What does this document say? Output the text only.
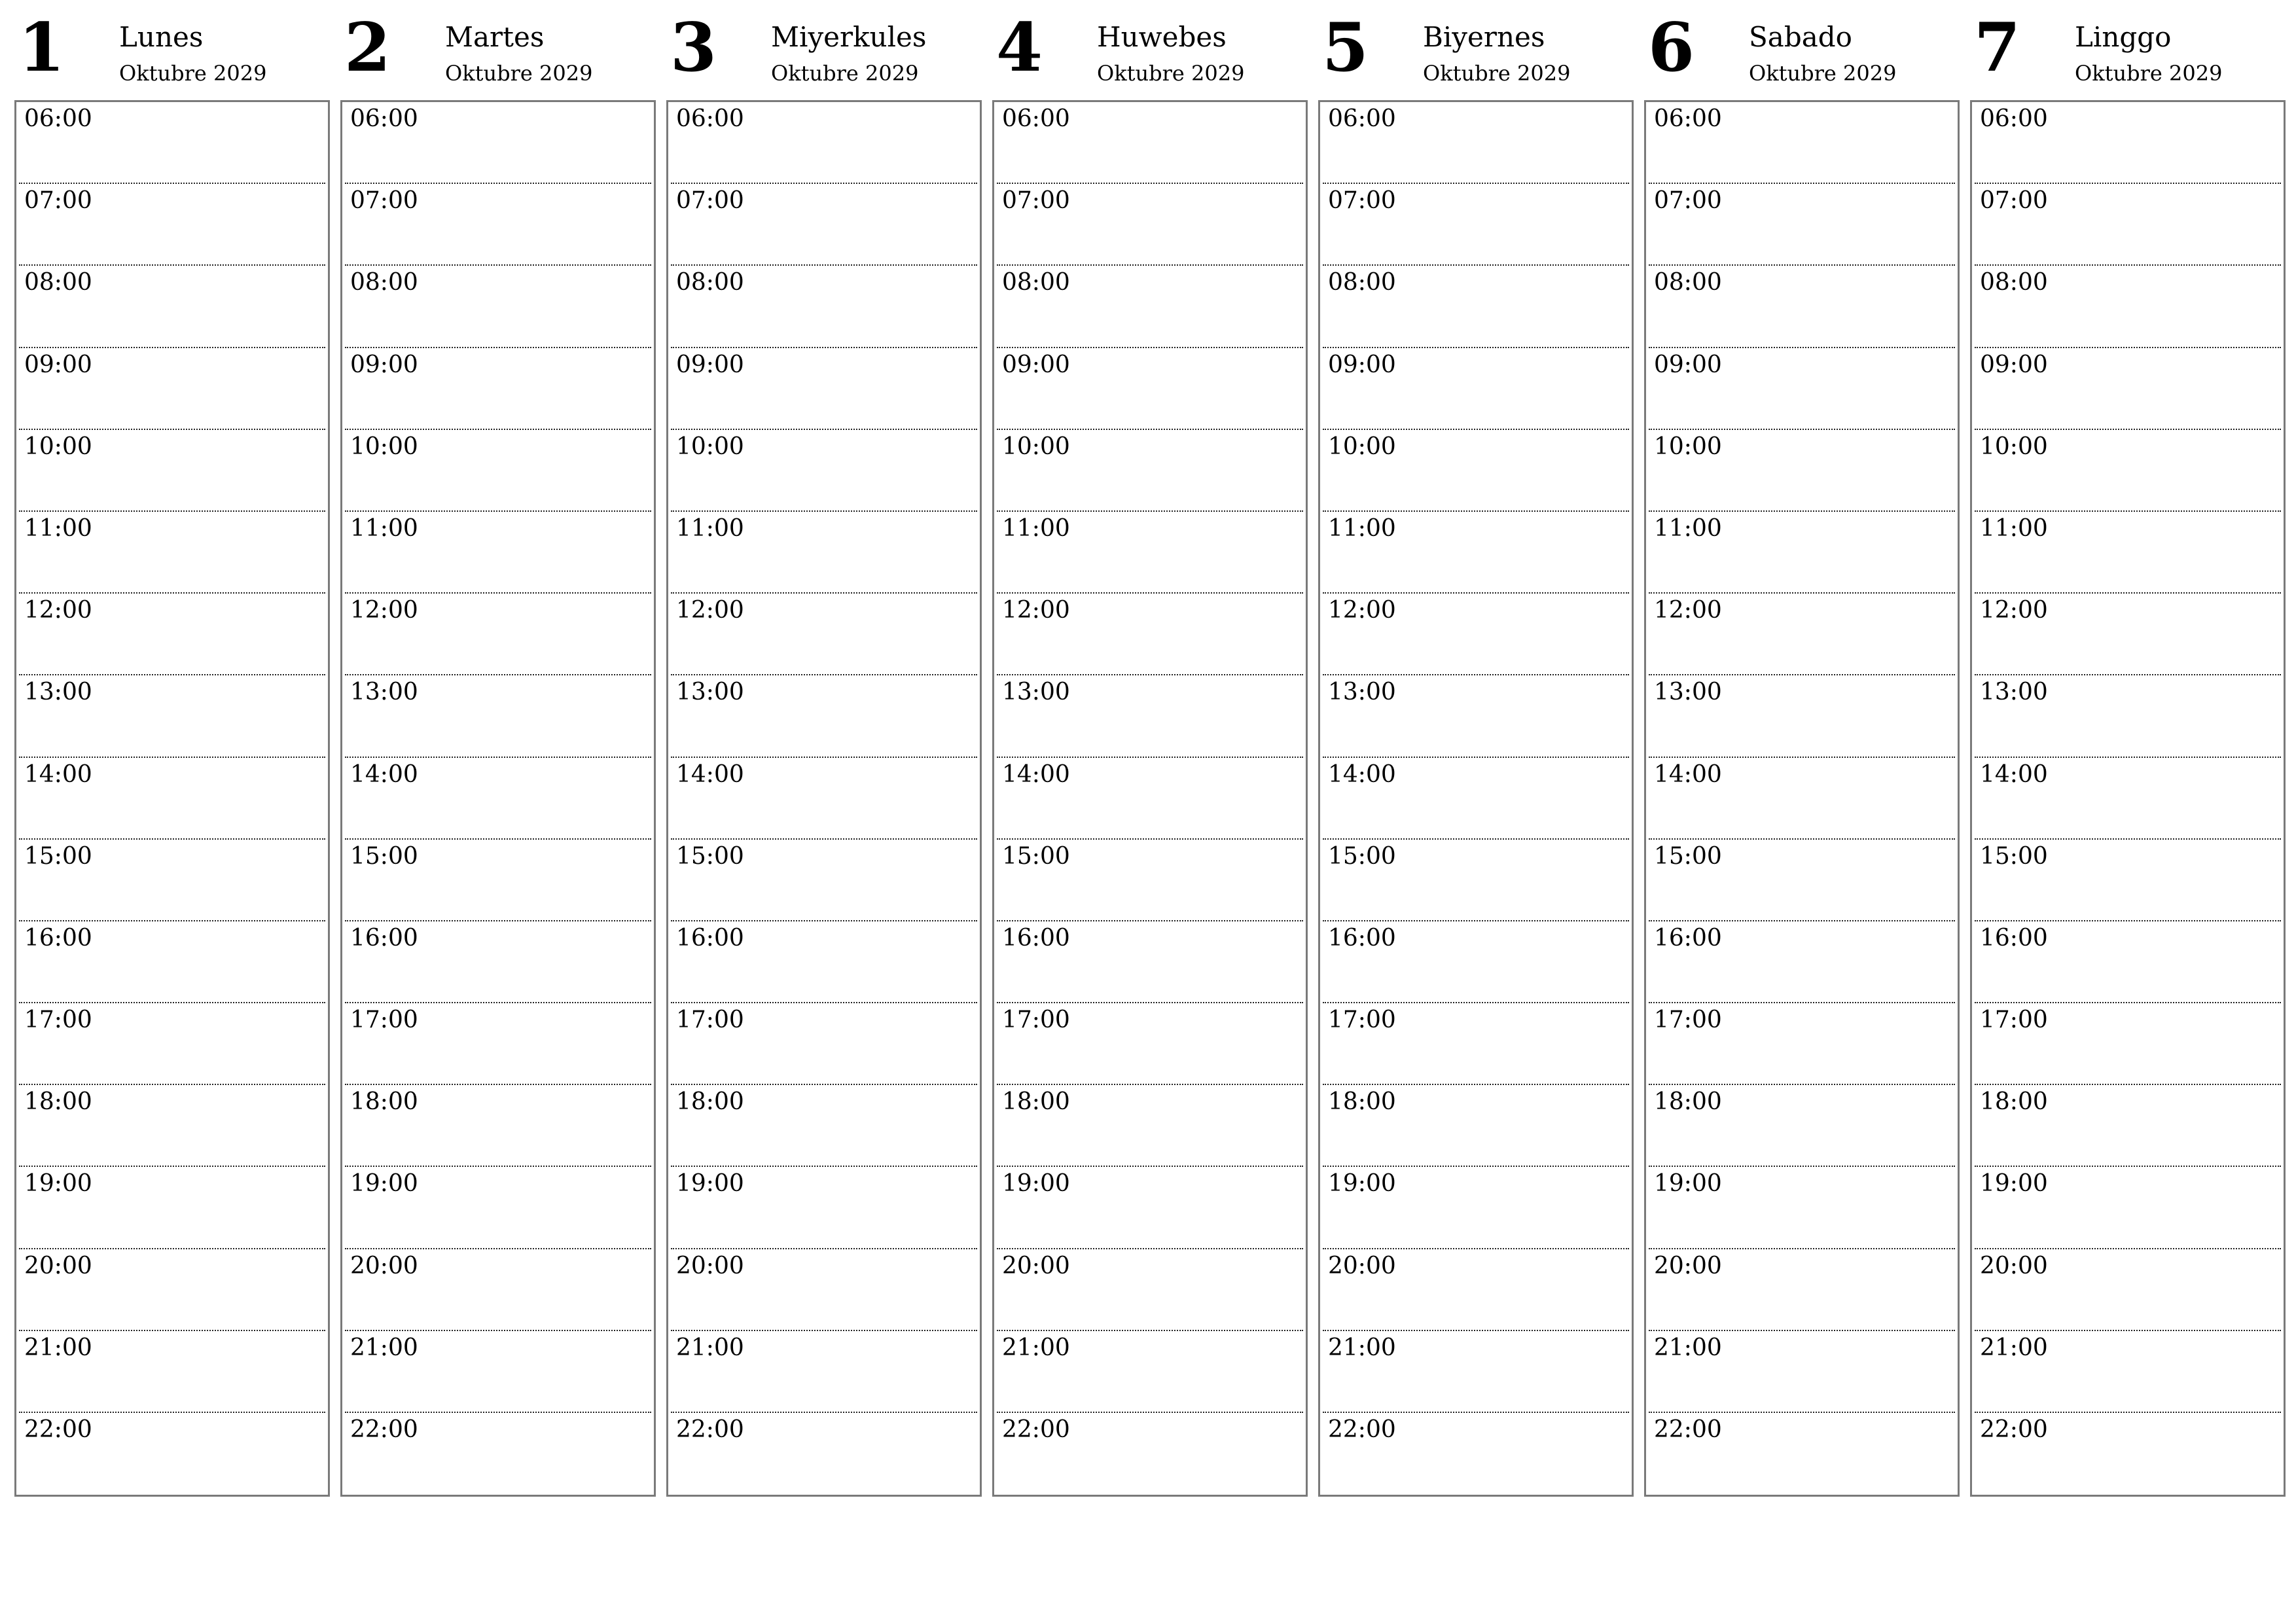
1 Lunes
Oktubre 2029
06:00
07:00
08:00
09:00
10:00
11:00
12:00
13:00
14:00
15:00
16:00
17:00
18:00
19:00
20:00
21:00
22:00
2 Martes
Oktubre 2029
06:00
07:00
08:00
09:00
10:00
11:00
12:00
13:00
14:00
15:00
16:00
17:00
18:00
19:00
20:00
21:00
22:00
3 Miyerkules
Oktubre 2029
06:00
07:00
08:00
09:00
10:00
11:00
12:00
13:00
14:00
15:00
16:00
17:00
18:00
19:00
20:00
21:00
22:00
4 Huwebes
Oktubre 2029
06:00
07:00
08:00
09:00
10:00
11:00
12:00
13:00
14:00
15:00
16:00
17:00
18:00
19:00
20:00
21:00
22:00
5 Biyernes
Oktubre 2029
06:00
07:00
08:00
09:00
10:00
11:00
12:00
13:00
14:00
15:00
16:00
17:00
18:00
19:00
20:00
21:00
22:00
6 Sabado
Oktubre 2029
06:00
07:00
08:00
09:00
10:00
11:00
12:00
13:00
14:00
15:00
16:00
17:00
18:00
19:00
20:00
21:00
22:00
7 Linggo
Oktubre 2029
06:00
07:00
08:00
09:00
10:00
11:00
12:00
13:00
14:00
15:00
16:00
17:00
18:00
19:00
20:00
21:00
22:00
